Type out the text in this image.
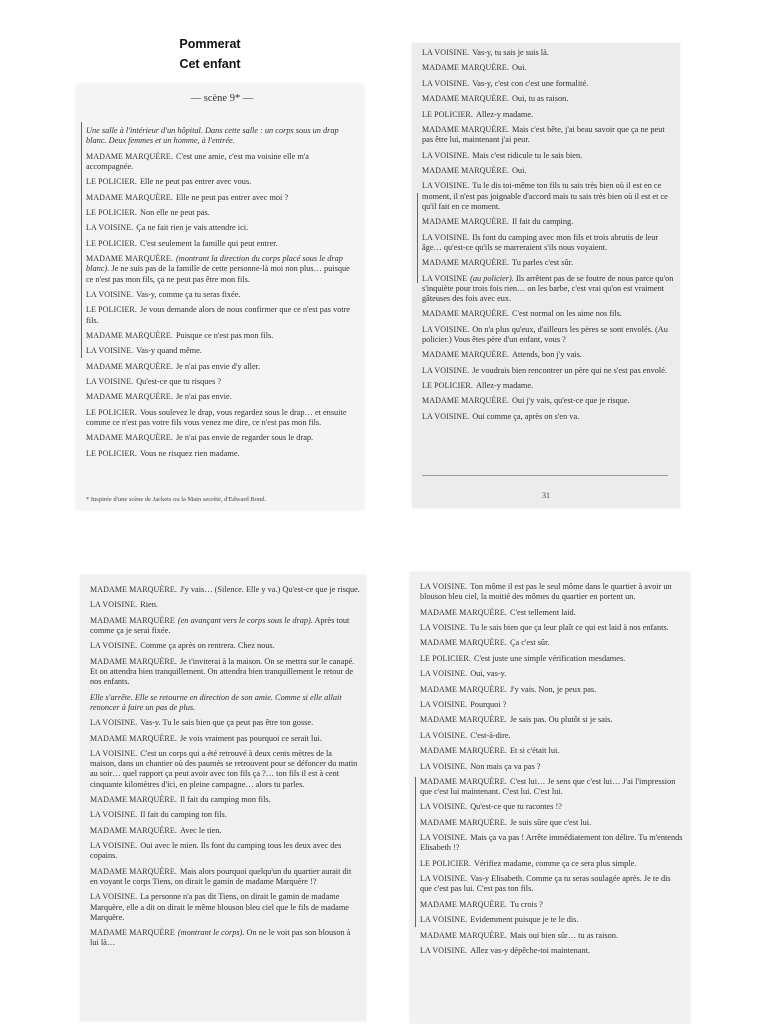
Pommerat
Cet enfant
— scène 9* —
Une salle à l'intérieur d'un hôpital. Dans cette salle : un corps sous un drap blanc. Deux femmes et un homme, à l'entrée.
MADAME MARQUÈRE. C'est une amie, c'est ma voisine elle m'a accompagnée.
LE POLICIER. Elle ne peut pas entrer avec vous.
MADAME MARQUÈRE. Elle ne peut pas entrer avec moi ?
LE POLICIER. Non elle ne peut pas.
LA VOISINE. Ça ne fait rien je vais attendre ici.
LE POLICIER. C'est seulement la famille qui peut entrer.
MADAME MARQUÈRE. (montrant la direction du corps placé sous le drap blanc). Je ne suis pas de la famille de cette personne-là moi non plus… puisque ce n'est pas mon fils, ça ne peut pas être mon fils.
LA VOISINE. Vas-y, comme ça tu seras fixée.
LE POLICIER. Je vous demande alors de nous confirmer que ce n'est pas votre fils.
MADAME MARQUÈRE. Puisque ce n'est pas mon fils.
LA VOISINE. Vas-y quand même.
MADAME MARQUÈRE. Je n'ai pas envie d'y aller.
LA VOISINE. Qu'est-ce que tu risques ?
MADAME MARQUÈRE. Je n'ai pas envie.
LE POLICIER. Vous soulevez le drap, vous regardez sous le drap… et ensuite comme ce n'est pas votre fils vous venez me dire, ce n'est pas mon fils.
MADAME MARQUÈRE. Je n'ai pas envie de regarder sous le drap.
LE POLICIER. Vous ne risquez rien madame.
* Inspirée d'une scène de Jackets ou la Main secrète, d'Edward Bond.
LA VOISINE. Vas-y, tu sais je suis là.
MADAME MARQUÈRE. Oui.
LA VOISINE. Vas-y, c'est con c'est une formalité.
MADAME MARQUÈRE. Oui, tu as raison.
LE POLICIER. Allez-y madame.
MADAME MARQUÈRE. Mais c'est bête, j'ai beau savoir que ça ne peut pas être lui, maintenant j'ai peur.
LA VOISINE. Mais c'est ridicule tu le sais bien.
MADAME MARQUÈRE. Oui.
LA VOISINE. Tu le dis toi-même ton fils tu sais très bien où il est en ce moment, il n'est pas joignable d'accord mais tu sais très bien où il est et ce qu'il fait en ce moment.
MADAME MARQUÈRE. Il fait du camping.
LA VOISINE. Ils font du camping avec mon fils et trois abrutis de leur âge… qu'est-ce qu'ils se marreraient s'ils nous voyaient.
MADAME MARQUÈRE. Tu parles c'est sûr.
LA VOISINE (au policier). Ils arrêtent pas de se foutre de nous parce qu'on s'inquiète pour trois fois rien… on les barbe, c'est vrai qu'on est vraiment gâteuses des fois avec eux.
MADAME MARQUÈRE. C'est normal on les aime nos fils.
LA VOISINE. On n'a plus qu'eux, d'ailleurs les pères se sont envolés. (Au policier.) Vous êtes père d'un enfant, vous ?
MADAME MARQUÈRE. Attends, bon j'y vais.
LA VOISINE. Je voudrais bien rencontrer un père qui ne s'est pas envolé.
LE POLICIER. Allez-y madame.
MADAME MARQUÈRE. Oui j'y vais, qu'est-ce que je risque.
LA VOISINE. Oui comme ça, après on s'en va.
31
MADAME MARQUÈRE. J'y vais… (Silence. Elle y va.) Qu'est-ce que je risque.
LA VOISINE. Rien.
MADAME MARQUÈRE (en avançant vers le corps sous le drap). Après tout comme ça je serai fixée.
LA VOISINE. Comme ça après on rentrera. Chez nous.
MADAME MARQUÈRE. Je t'inviterai à la maison. On se mettra sur le canapé. Et on attendra bien tranquillement. On attendra bien tranquillement le retour de nos enfants.
Elle s'arrête. Elle se retourne en direction de son amie. Comme si elle allait renoncer à faire un pas de plus.
LA VOISINE. Vas-y. Tu le sais bien que ça peut pas être ton gosse.
MADAME MARQUÈRE. Je vois vraiment pas pourquoi ce serait lui.
LA VOISINE. C'est un corps qui a été retrouvé à deux cents mètres de la maison, dans un chantier où des paumés se retrouvent pour se défoncer du matin au soir… quel rapport ça peut avoir avec ton fils ça ?… ton fils il est à cent cinquante kilomètres d'ici, en pleine campagne… alors tu parles.
MADAME MARQUÈRE. Il fait du camping mon fils.
LA VOISINE. Il fait du camping ton fils.
MADAME MARQUÈRE. Avec le tien.
LA VOISINE. Oui avec le mien. Ils font du camping tous les deux avec des copains.
MADAME MARQUÈRE. Mais alors pourquoi quelqu'un du quartier aurait dit en voyant le corps Tiens, on dirait le gamin de madame Marquère !?
LA VOISINE. La personne n'a pas dit Tiens, on dirait le gamin de madame Marquère, elle a dit on dirait le même blouson bleu ciel que le fils de madame Marquère.
MADAME MARQUÈRE (montrant le corps). On ne le voit pas son blouson à lui là…
LA VOISINE. Ton môme il est pas le seul môme dans le quartier à avoir un blouson bleu ciel, la moitié des mômes du quartier en portent un.
MADAME MARQUÈRE. C'est tellement laid.
LA VOISINE. Tu le sais bien que ça leur plaît ce qui est laid à nos enfants.
MADAME MARQUÈRE. Ça c'est sûr.
LE POLICIER. C'est juste une simple vérification mesdames.
LA VOISINE. Oui, vas-y.
MADAME MARQUÈRE. J'y vais. Non, je peux pas.
LA VOISINE. Pourquoi ?
MADAME MARQUÈRE. Je sais pas. Ou plutôt si je sais.
LA VOISINE. C'est-à-dire.
MADAME MARQUÈRE. Et si c'était lui.
LA VOISINE. Non mais ça va pas ?
MADAME MARQUÈRE. C'est lui… Je sens que c'est lui… J'ai l'impression que c'est lui maintenant. C'est lui. C'est lui.
LA VOISINE. Qu'est-ce que tu racontes !?
MADAME MARQUÈRE. Je suis sûre que c'est lui.
LA VOISINE. Mais ça va pas ! Arrête immédiatement ton délire. Tu m'entends Elisabeth !?
LE POLICIER. Vérifiez madame, comme ça ce sera plus simple.
LA VOISINE. Vas-y Elisabeth. Comme ça tu seras soulagée après. Je te dis que c'est pas lui. C'est pas ton fils.
MADAME MARQUÈRE. Tu crois ?
LA VOISINE. Evidemment puisque je te le dis.
MADAME MARQUÈRE. Mais oui bien sûr… tu as raison.
LA VOISINE. Allez vas-y dépêche-toi maintenant.
